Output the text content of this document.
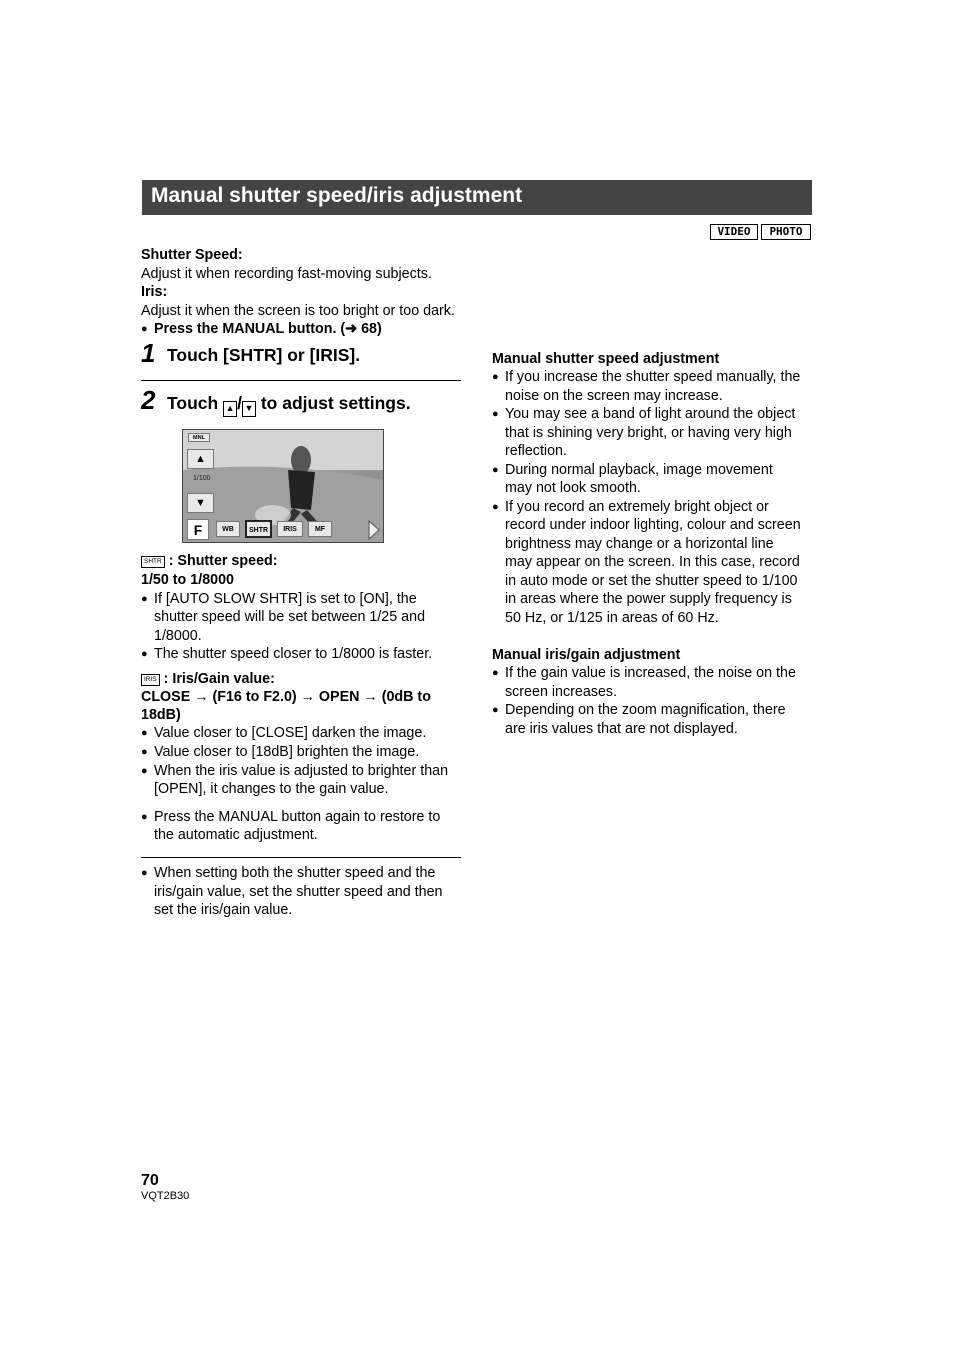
Manual shutter speed/iris adjustment
VIDEO	PHOTO
Shutter Speed:
Adjust it when recording fast-moving subjects.
Iris:
Adjust it when the screen is too bright or too dark.
● Press the MANUAL button. (➜ 68)
1 Touch [SHTR] or [IRIS].
2 Touch ▲ / ▼ to adjust settings.
MNL
▲
1/100
▼
F	WB	SHTR	IRIS	MF
SHTR : Shutter speed:
1/50 to 1/8000
● If [AUTO SLOW SHTR] is set to [ON], the
shutter speed will be set between 1/25 and
1/8000.
● The shutter speed closer to 1/8000 is faster.
IRIS : Iris/Gain value:
CLOSE → (F16 to F2.0) → OPEN → (0dB to
18dB)
● Value closer to [CLOSE] darken the image.
● Value closer to [18dB] brighten the image.
● When the iris value is adjusted to brighter than
[OPEN], it changes to the gain value.
● Press the MANUAL button again to restore to
the automatic adjustment.
● When setting both the shutter speed and the
iris/gain value, set the shutter speed and then
set the iris/gain value.
Manual shutter speed adjustment
● If you increase the shutter speed manually, the
noise on the screen may increase.
● You may see a band of light around the object
that is shining very bright, or having very high
reflection.
● During normal playback, image movement
may not look smooth.
● If you record an extremely bright object or
record under indoor lighting, colour and screen
brightness may change or a horizontal line
may appear on the screen. In this case, record
in auto mode or set the shutter speed to 1/100
in areas where the power supply frequency is
50 Hz, or 1/125 in areas of 60 Hz.
Manual iris/gain adjustment
● If the gain value is increased, the noise on the
screen increases.
● Depending on the zoom magnification, there
are iris values that are not displayed.
70
VQT2B30
